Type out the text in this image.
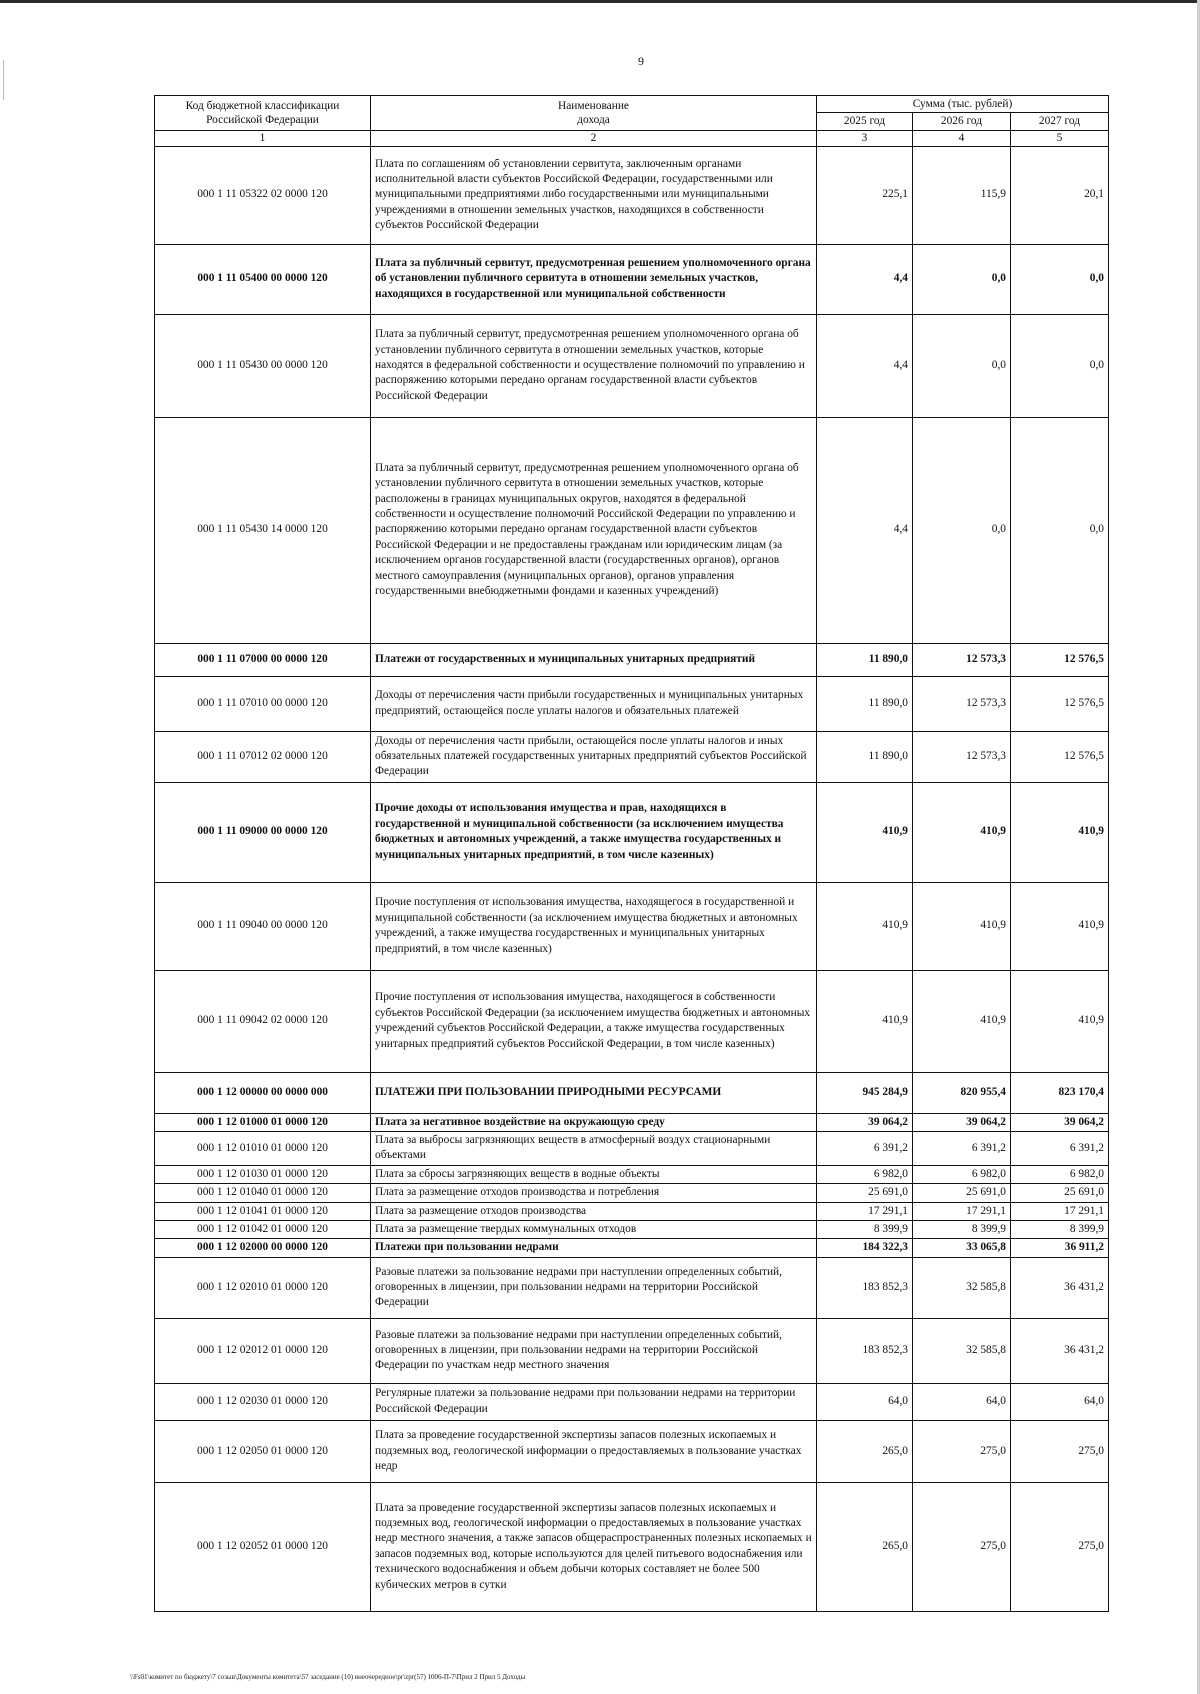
9
Код бюджетной классификации Российской Федерации	Наименование
дохода	Сумма (тыс. рублей)		
		2025 год	2026 год	2027 год
1	2	3	4	5
000 1 11 05322 02 0000 120	Плата по соглашениям об установлении сервитута, заключенным органами исполнительной власти субъектов Российской Федерации, государственными или муниципальными предприятиями либо государственными или муниципальными учреждениями в отношении земельных участков, находящихся в собственности субъектов Российской Федерации	225,1	115,9	20,1
000 1 11 05400 00 0000 120	Плата за публичный сервитут, предусмотренная решением уполномоченного органа об установлении публичного сервитута в отношении земельных участков, находящихся в государственной или муниципальной собственности	4,4	0,0	0,0
000 1 11 05430 00 0000 120	Плата за публичный сервитут, предусмотренная решением уполномоченного органа об установлении публичного сервитута в отношении земельных участков, которые находятся в федеральной собственности и осуществление полномочий по управлению и распоряжению которыми передано органам государственной власти субъектов Российской Федерации	4,4	0,0	0,0
000 1 11 05430 14 0000 120	Плата за публичный сервитут, предусмотренная решением уполномоченного органа об установлении публичного сервитута в отношении земельных участков, которые расположены в границах муниципальных округов, находятся в федеральной собственности и осуществление полномочий Российской Федерации по управлению и распоряжению которыми передано органам государственной власти субъектов Российской Федерации и не предоставлены гражданам или юридическим лицам (за исключением органов государственной власти (государственных органов), органов местного самоуправления (муниципальных органов), органов управления государственными внебюджетными фондами и казенных учреждений)	4,4	0,0	0,0
000 1 11 07000 00 0000 120	Платежи от государственных и муниципальных унитарных предприятий	11 890,0	12 573,3	12 576,5
000 1 11 07010 00 0000 120	Доходы от перечисления части прибыли государственных и муниципальных унитарных предприятий, остающейся после уплаты налогов и обязательных платежей	11 890,0	12 573,3	12 576,5
000 1 11 07012 02 0000 120	Доходы от перечисления части прибыли, остающейся после уплаты налогов и иных обязательных платежей государственных унитарных предприятий субъектов Российской Федерации	11 890,0	12 573,3	12 576,5
000 1 11 09000 00 0000 120	Прочие доходы от использования имущества и прав, находящихся в государственной и муниципальной собственности (за исключением имущества бюджетных и автономных учреждений, а также имущества государственных и муниципальных унитарных предприятий, в том числе казенных)	410,9	410,9	410,9
000 1 11 09040 00 0000 120	Прочие поступления от использования имущества, находящегося в государственной и муниципальной собственности (за исключением имущества бюджетных и автономных учреждений, а также имущества государственных и муниципальных унитарных предприятий, в том числе казенных)	410,9	410,9	410,9
000 1 11 09042 02 0000 120	Прочие поступления от использования имущества, находящегося в собственности субъектов Российской Федерации (за исключением имущества бюджетных и автономных учреждений субъектов Российской Федерации, а также имущества государственных унитарных предприятий субъектов Российской Федерации, в том числе казенных)	410,9	410,9	410,9
000 1 12 00000 00 0000 000	ПЛАТЕЖИ ПРИ ПОЛЬЗОВАНИИ ПРИРОДНЫМИ РЕСУРСАМИ	945 284,9	820 955,4	823 170,4
000 1 12 01000 01 0000 120	Плата за негативное воздействие на окружающую среду	39 064,2	39 064,2	39 064,2
000 1 12 01010 01 0000 120	Плата за выбросы загрязняющих веществ в атмосферный воздух стационарными объектами	6 391,2	6 391,2	6 391,2
000 1 12 01030 01 0000 120	Плата за сбросы загрязняющих веществ в водные объекты	6 982,0	6 982,0	6 982,0
000 1 12 01040 01 0000 120	Плата за размещение отходов производства и потребления	25 691,0	25 691,0	25 691,0
000 1 12 01041 01 0000 120	Плата за размещение отходов производства	17 291,1	17 291,1	17 291,1
000 1 12 01042 01 0000 120	Плата за размещение твердых коммунальных отходов	8 399,9	8 399,9	8 399,9
000 1 12 02000 00 0000 120	Платежи при пользовании недрами	184 322,3	33 065,8	36 911,2
000 1 12 02010 01 0000 120	Разовые платежи за пользование недрами при наступлении определенных событий, оговоренных в лицензии, при пользовании недрами на территории Российской Федерации	183 852,3	32 585,8	36 431,2
000 1 12 02012 01 0000 120	Разовые платежи за пользование недрами при наступлении определенных событий, оговоренных в лицензии, при пользовании недрами на территории Российской Федерации по участкам недр местного значения	183 852,3	32 585,8	36 431,2
000 1 12 02030 01 0000 120	Регулярные платежи за пользование недрами при пользовании недрами на территории Российской Федерации	64,0	64,0	64,0
000 1 12 02050 01 0000 120	Плата за проведение государственной экспертизы запасов полезных ископаемых и подземных вод, геологической информации о предоставляемых в пользование участках недр	265,0	275,0	275,0
000 1 12 02052 01 0000 120	Плата за проведение государственной экспертизы запасов полезных ископаемых и подземных вод, геологической информации о предоставляемых в пользование участках недр местного значения, а также запасов общераспространенных полезных ископаемых и запасов подземных вод, которые используются для целей питьевого водоснабжения или технического водоснабжения и объем добычи которых составляет не более 500 кубических метров в сутки	265,0	275,0	275,0
\\Fs01\комитет по бюджету\7 созыв\Документы комитета\57 заседание (10) внеочередное\pr\zpr(57) 1006-П-7\Прил 2 Прил 5 Доходы
